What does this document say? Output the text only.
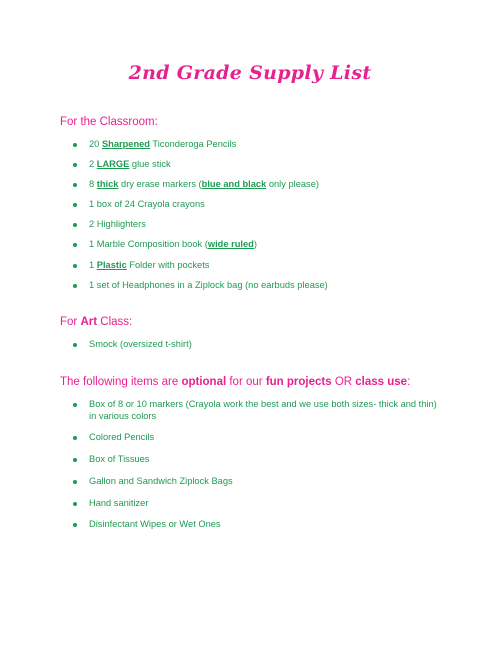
2nd Grade Supply List
For the Classroom:
20 Sharpened Ticonderoga Pencils
2 LARGE glue stick
8 thick dry erase markers (blue and black only please)
1 box of 24 Crayola crayons
2 Highlighters
1 Marble Composition book (wide ruled)
1 Plastic Folder with pockets
1 set of Headphones in a Ziplock bag (no earbuds please)
For Art Class:
Smock (oversized t-shirt)
The following items are optional for our fun projects OR class use:
Box of 8 or 10 markers (Crayola work the best and we use both sizes- thick and thin) in various colors
Colored Pencils
Box of Tissues
Gallon and Sandwich Ziplock Bags
Hand sanitizer
Disinfectant Wipes or Wet Ones
